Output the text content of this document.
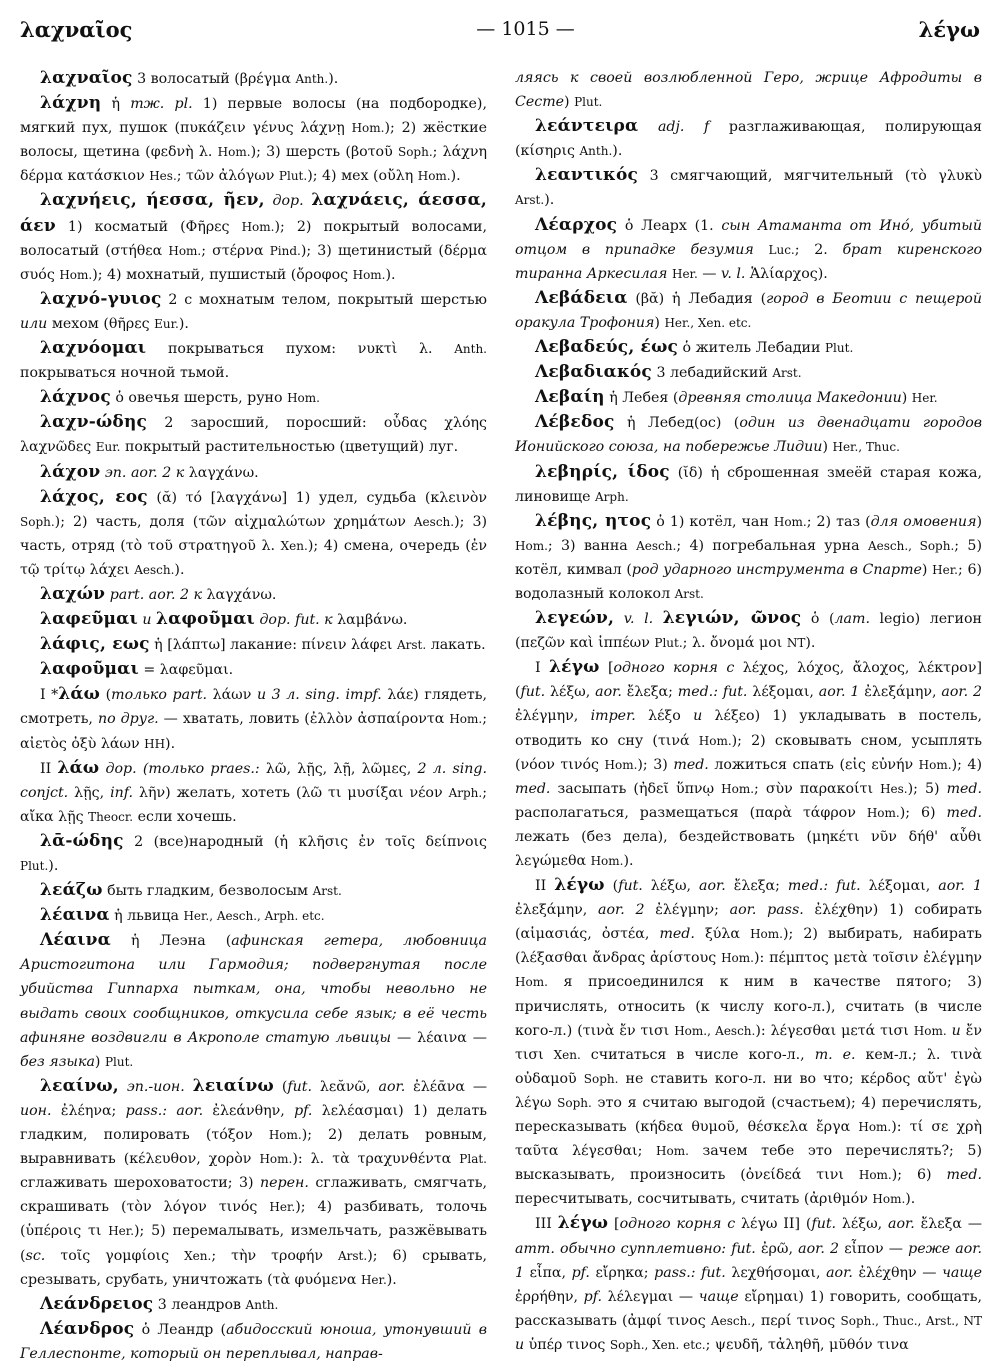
λαχναῖος	— 1015 —	λέγω

λαχναῖος 3 волосатый (βρέγμα Anth.).

λάχνη ἡ тж. pl. 1) первые волосы (на подбородке), мягкий пух, пушок (πυκάζειν γένυς λάχνῃ Hom.); 2) жёсткие волосы, щетина (φεδνὴ λ. Hom.); 3) шерсть (βοτοῦ Soph.; λάχνη δέρμα κατάσκιον Hes.; τῶν ἀλόγων Plut.); 4) мех (οὔλη Hom.).

λαχνήεις, ήεσσα, ῆεν, дор. λαχνάεις, άεσσα, άεν 1) косматый (Φῆρες Hom.); 2) покрытый волосами, волосатый (στήθεα Hom.; στέρνα Pind.); 3) щетинистый (δέρμα συός Hom.); 4) мохнатый, пушистый (ὄροφος Hom.).

λαχνό-γυιος 2 с мохнатым телом, покрытый шерстью или мехом (θῆρες Eur.).

λαχνόομαι покрываться пухом: νυκτὶ λ. Anth. покрываться ночной тьмой.

λάχνος ὁ овечья шерсть, руно Hom.

λαχν-ώδης 2 заросший, поросший: οὖδας χλόης λαχνῶδες Eur. покрытый растительностью (цветущий) луг.

λάχον эп. aor. 2 к λαγχάνω.

λάχος, εος (ᾰ) τό [λαγχάνω] 1) удел, судьба (κλεινὸν Soph.); 2) часть, доля (τῶν αἰχμαλώτων χρημάτων Aesch.); 3) часть, отряд (τὸ τοῦ στρατηγοῦ λ. Xen.); 4) смена, очередь (ἐν τῷ τρίτῳ λάχει Aesch.).

λαχών part. aor. 2 к λαγχάνω.

λαφεῦμαι и λαφοῦμαι дор. fut. к λαμβάνω.

λάφις, εως ἡ [λάπτω] лакание: πίνειν λάφει Arst. лакать.

λαφοῦμαι = λαφεῦμαι.

I *λάω (только part. λάων и 3 л. sing. impf. λάε) глядеть, смотреть, по друг. — хватать, ловить (ἐλλὸν ἀσπαίροντα Hom.; αἰετὸς ὀξὺ λάων HH).

II λάω дор. (только praes.: λῶ, λῇς, λῇ, λῶμες, 2 л. sing. conjct. λῇς, inf. λῆν) желать, хотеть (λῶ τι μυσίξαι νέον Arph.; αἴκα λῇς Theocr. если хочешь.

λᾱ-ώδης 2 (все)народный (ἡ κλῆσις ἐν τοῖς δείπνοις Plut.).

λεάζω быть гладким, безволосым Arst.

λέαινα ἡ львица Her., Aesch., Arph. etc.

Λέαινα ἡ Леэна (афинская гетера, любовница Аристогитона или Гармодия; подвергнутая после убийства Гиппарха пыткам, она, чтобы невольно не выдать своих сообщников, откусила себе язык; в её честь афиняне воздвигли в Акрополе статую львицы — λέαινα — без языка) Plut.

λεαίνω, эп.-ион. λειαίνω (fut. λεᾰνῶ, aor. ἐλέᾱνα — ион. ἐλέηνα; pass.: aor. ἐλεάνθην, pf. λελέασμαι) 1) делать гладким, полировать (τόξον Hom.); 2) делать ровным, выравнивать (κέλευθον, χορὸν Hom.): λ. τὰ τραχυνθέντα Plat. сглаживать шероховатости; 3) перен. сглаживать, смягчать, скрашивать (τὸν λόγον τινός Her.); 4) разбивать, толочь (ὑπέροις τι Her.); 5) перемалывать, измельчать, разжёвывать (sc. τοῖς γομφίοις Xen.; τὴν τροφήν Arst.); 6) срывать, срезывать, срубать, уничтожать (τὰ φυόμενα Her.).

Λεάνδρειος 3 леандров Anth.

Λέανδρος ὁ Леандр (абидосский юноша, утонувший в Геллеспонте, который он переплывал, направ-

ляясь к своей возлюбленной Геро, жрице Афродиты в Сесте) Plut.

λεάντειρα adj. f разглаживающая, полирующая (κίσηρις Anth.).

λεαντικός 3 смягчающий, мягчительный (τὸ γλυκὺ Arst.).

Λέαρχος ὁ Леарх (1. сын Атаманта от Инό, убитый отцом в припадке безумия Luc.; 2. брат киренского тиранна Аркесилая Her. — v. l. Ἁλίαρχος).

Λεβάδεια (βᾰ) ἡ Лебадия (город в Беотии с пещерой оракула Трофония) Her., Xen. etc.

Λεβαδεύς, έως ὁ житель Лебадии Plut.

Λεβαδιακός 3 лебадийский Arst.

Λεβαίη ἡ Лебея (древняя столица Македонии) Her.

Λέβεδος ἡ Лебед(ос) (один из двенадцати городов Ионийского союза, на побережье Лидии) Her., Thuc.

λεβηρίς, ίδος (ῐδ) ἡ сброшенная змеёй старая кожа, линовище Arph.

λέβης, ητος ὁ 1) котёл, чан Hom.; 2) таз (для омовения) Hom.; 3) ванна Aesch.; 4) погребальная урна Aesch., Soph.; 5) котёл, кимвал (род ударного инструмента в Спарте) Her.; 6) водолазный колокол Arst.

λεγεών, v. l. λεγιών, ῶνος ὁ (лат. legio) легион (πεζῶν καὶ ἱππέων Plut.; λ. ὄνομά μοι NT).

I λέγω [одного корня с λέχος, λόχος, ἄλοχος, λέκτρον] (fut. λέξω, aor. ἔλεξα; med.: fut. λέξομαι, aor. 1 ἐλεξάμην, aor. 2 ἐλέγμην, imper. λέξο и λέξεο) 1) укладывать в постель, отводить ко сну (τινά Hom.); 2) сковывать сном, усыплять (νόον τινός Hom.); 3) med. ложиться спать (εἰς εὐνήν Hom.); 4) med. засыпать (ἠδεῖ ὕπνῳ Hom.; σὺν παρακοίτι Hes.); 5) med. располагаться, размещаться (παρὰ τάφρον Hom.); 6) med. лежать (без дела), бездействовать (μηκέτι νῦν δήθ' αὖθι λεγώμεθα Hom.).

II λέγω (fut. λέξω, aor. ἔλεξα; med.: fut. λέξομαι, aor. 1 ἐλεξάμην, aor. 2 ἐλέγμην; aor. pass. ἐλέχθην) 1) собирать (αἱμασιάς, ὀστέα, med. ξύλα Hom.); 2) выбирать, набирать (λέξασθαι ἄνδρας ἀρίστους Hom.): πέμπτος μετὰ τοῖσιν ἐλέγμην Hom. я присоединился к ним в качестве пятого; 3) причислять, относить (к числу кого-л.), считать (в числе кого-л.) (τινὰ ἔν τισι Hom., Aesch.): λέγεσθαι μετά τισι Hom. и ἔν τισι Xen. считаться в числе кого-л., т. е. кем-л.; λ. τινὰ οὐδαμοῦ Soph. не ставить кого-л. ни во что; κέρδος αὔτ' ἐγὼ λέγω Soph. это я считаю выгодой (счастьем); 4) перечислять, пересказывать (κήδεα θυμοῦ, θέσκελα ἔργα Hom.): τί σε χρὴ ταῦτα λέγεσθαι; Hom. зачем тебе это перечислять?; 5) высказывать, произносить (ὀνείδεά τινι Hom.); 6) med. пересчитывать, сосчитывать, считать (ἀριθμόν Hom.).

III λέγω [одного корня с λέγω II] (fut. λέξω, aor. ἔλεξα — атт. обычно супплетивно: fut. ἐρῶ, aor. 2 εἶπον — реже aor. 1 εἶπα, pf. εἴρηκα; pass.: fut. λεχθήσομαι, aor. ἐλέχθην — чаще ἐρρήθην, pf. λέλεγμαι — чаще εἴρημαι) 1) говорить, сообщать, рассказывать (ἀμφί τινος Aesch., περί τινος Soph., Thuc., Arst., NT и ὑπέρ τινος Soph., Xen. etc.; ψευδῆ, τἀληθῆ, μῦθόν τινα
